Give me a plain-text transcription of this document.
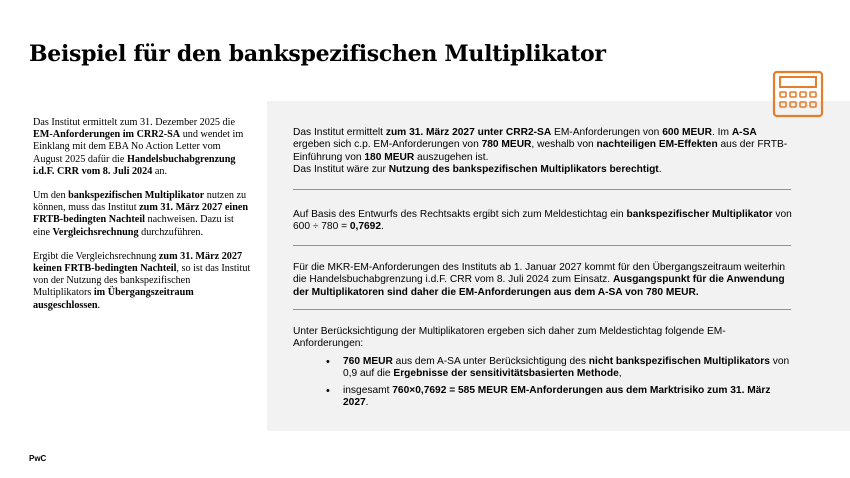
Beispiel für den bankspezifischen Multiplikator

Das Institut ermittelt zum 31. Dezember 2025 die EM-Anforderungen im CRR2-SA und wendet im Einklang mit dem EBA No Action Letter vom August 2025 dafür die Handelsbuchabgrenzung i.d.F. CRR vom 8. Juli 2024 an.

Um den bankspezifischen Multiplikator nutzen zu können, muss das Institut zum 31. März 2027 einen FRTB-bedingten Nachteil nachweisen. Dazu ist eine Vergleichsrechnung durchzuführen.

Ergibt die Vergleichsrechnung zum 31. März 2027 keinen FRTB-bedingten Nachteil, so ist das Institut von der Nutzung des bankspezifischen Multiplikators im Übergangszeitraum ausgeschlossen.

Das Institut ermittelt zum 31. März 2027 unter CRR2-SA EM-Anforderungen von 600 MEUR. Im A-SA ergeben sich c.p. EM-Anforderungen von 780 MEUR, weshalb von nachteiligen EM-Effekten aus der FRTB-Einführung von 180 MEUR auszugehen ist.
Das Institut wäre zur Nutzung des bankspezifischen Multiplikators berechtigt.
Auf Basis des Entwurfs des Rechtsakts ergibt sich zum Meldestichtag ein bankspezifischer Multiplikator von 600 ÷ 780 = 0,7692.
Für die MKR-EM-Anforderungen des Instituts ab 1. Januar 2027 kommt für den Übergangszeitraum weiterhin die Handelsbuchabgrenzung i.d.F. CRR vom 8. Juli 2024 zum Einsatz. Ausgangspunkt für die Anwendung der Multiplikatoren sind daher die EM-Anforderungen aus dem A-SA von 780 MEUR.
Unter Berücksichtigung der Multiplikatoren ergeben sich daher zum Meldestichtag folgende EM-Anforderungen:
• 760 MEUR aus dem A-SA unter Berücksichtigung des nicht bankspezifischen Multiplikators von 0,9 auf die Ergebnisse der sensitivitätsbasierten Methode,
• insgesamt 760×0,7692 = 585 MEUR EM-Anforderungen aus dem Marktrisiko zum 31. März 2027.
PwC
